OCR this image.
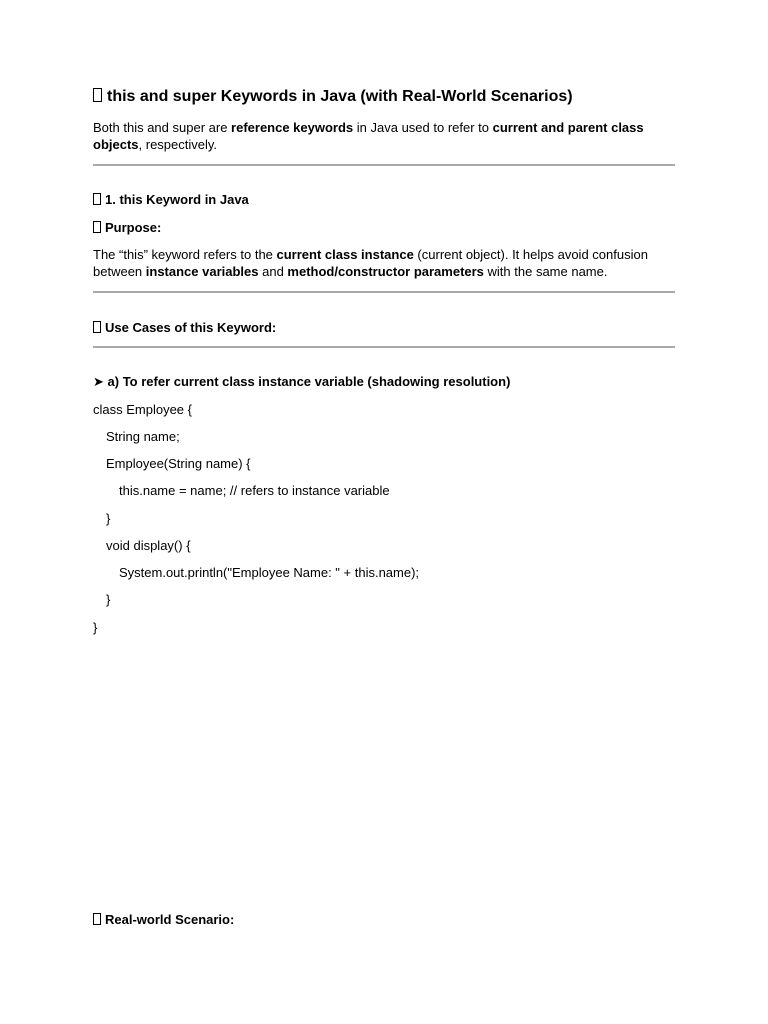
this and super Keywords in Java (with Real-World Scenarios)
Both this and super are reference keywords in Java used to refer to current and parent class objects, respectively.
1. this Keyword in Java
Purpose:
The “this” keyword refers to the current class instance (current object). It helps avoid confusion between instance variables and method/constructor parameters with the same name.
Use Cases of this Keyword:
➤ a) To refer current class instance variable (shadowing resolution)
class Employee {
String name;
Employee(String name) {
this.name = name; // refers to instance variable
}
void display() {
System.out.println("Employee Name: " + this.name);
}
}
Real-world Scenario:
